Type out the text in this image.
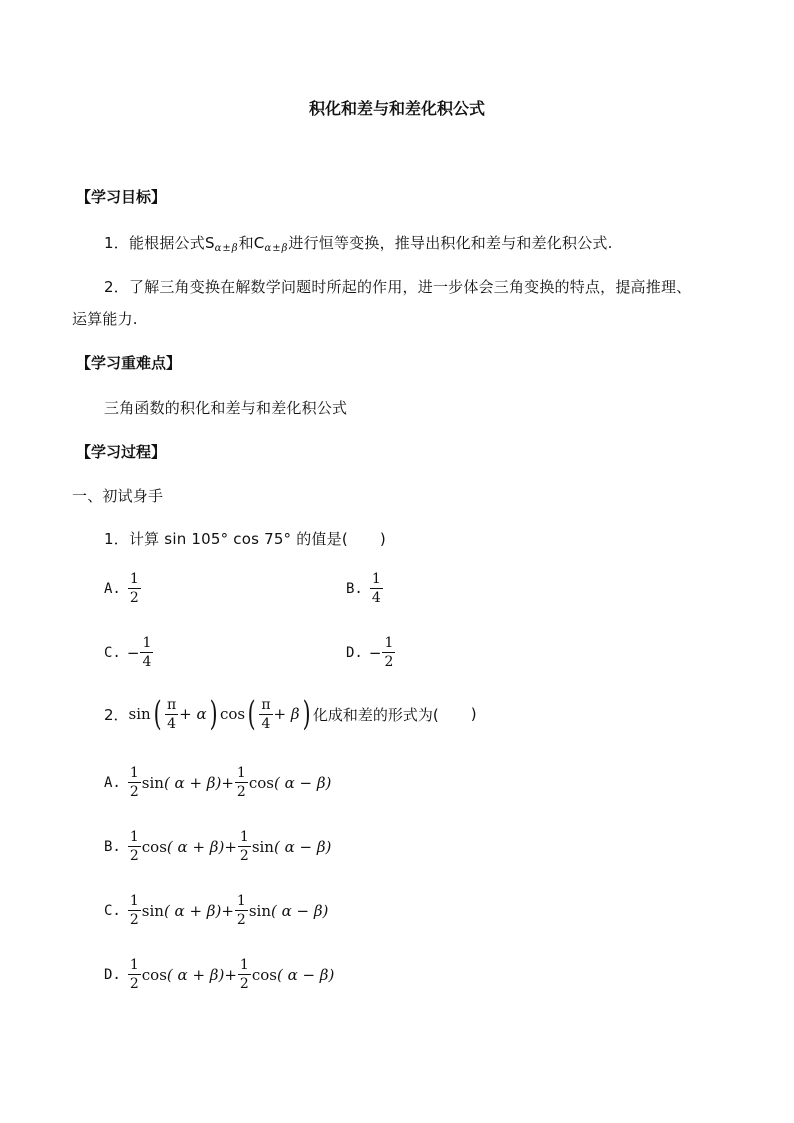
积化和差与和差化积公式
【学习目标】
1．能根据公式$S_{\alpha\pm\beta}$和$C_{\alpha\pm\beta}$进行恒等变换，推导出积化和差与和差化积公式.
2．了解三角变换在解数学问题时所起的作用，进一步体会三角变换的特点，提高推理、
运算能力.
【学习重难点】
三角函数的积化和差与和差化积公式
【学习过程】
一、初试身手
1．计算 sin 105° cos 75° 的值是( )
A. $\frac{1}{2}$	B. $\frac{1}{4}$
C. − $\frac{1}{4}$	D. − $\frac{1}{2}$
2． sin ( $\frac{\pi}{4}$ +
α ) cos ( $\frac{\pi}{4}$ +
β ) 化成和差的形式为( )
A. $\frac{1}{2}$ sin ( $\alpha + \beta) + \frac{1}{2}$ cos ( α − β)
B. $\frac{1}{2}$ cos ( $\alpha + \beta) + \frac{1}{2}$ sin ( α − β)
C. $\frac{1}{2}$ sin ( $\alpha + \beta) + \frac{1}{2}$ sin ( α − β)
D. $\frac{1}{2}$ cos ( $\alpha + \beta) + \frac{1}{2}$ cos ( α − β)
